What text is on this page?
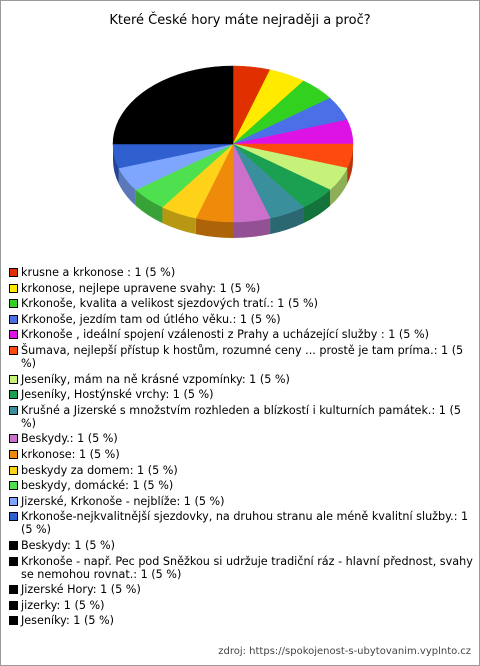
Které České hory máte nejraději a proč?
krusne a krkonose : 1 (5 %)
krkonose, nejlepe upravene svahy: 1 (5 %)
Krkonoše, kvalita a velikost sjezdových tratí.: 1 (5 %)
Krkonoše, jezdím tam od útlého věku.: 1 (5 %)
Krkonoše , ideální spojení vzálenosti z Prahy a ucházející služby : 1 (5 %)
Šumava, nejlepší přístup k hostům, rozumné ceny ... prostě je tam príma.: 1 (5 %)
Jeseníky, mám na ně krásné vzpomínky: 1 (5 %)
Jeseníky, Hostýnské vrchy: 1 (5 %)
Krušné a Jizerské s množstvím rozhleden a blízkostí i kulturních památek.: 1 (5 %)
Beskydy.: 1 (5 %)
krkonose: 1 (5 %)
beskydy za domem: 1 (5 %)
beskydy, domácké: 1 (5 %)
Jizerské, Krkonoše - nejblíže: 1 (5 %)
Krkonoše-nejkvalitnější sjezdovky, na druhou stranu ale méně kvalitní služby.: 1 (5 %)
Beskydy: 1 (5 %)
Krkonoše - např. Pec pod Sněžkou si udržuje tradiční ráz - hlavní přednost, svahy se nemohou rovnat.: 1 (5 %)
Jizerské Hory: 1 (5 %)
jizerky: 1 (5 %)
Jeseníky: 1 (5 %)
zdroj: https://spokojenost-s-ubytovanim.vyplnto.cz
